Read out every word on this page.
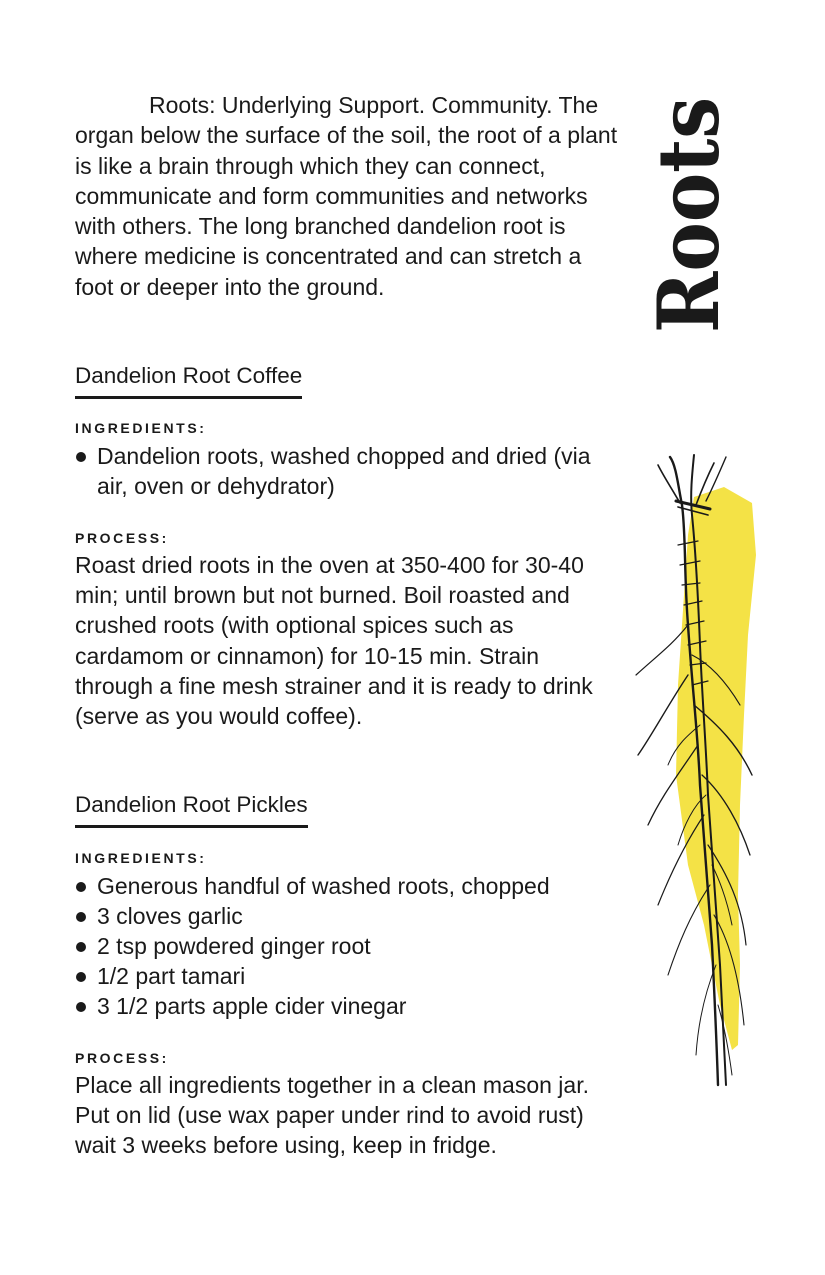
Roots

Roots: Underlying Support. Community. The organ below the surface of the soil, the root of a plant is like a brain through which they can connect, communicate and form communities and networks with others. The long branched dandelion root is where medicine is concentrated and can stretch a foot or deeper into the ground.

Dandelion Root Coffee
INGREDIENTS:
Dandelion roots, washed chopped and dried (via air, oven or dehydrator)
PROCESS:

Roast dried roots in the oven at 350-400 for 30-40 min; until brown but not burned. Boil roasted and crushed roots (with optional spices such as cardamom or cinnamon) for 10-15 min. Strain through a fine mesh strainer and it is ready to drink (serve as you would coffee).

Dandelion Root Pickles
INGREDIENTS:
Generous handful of washed roots, chopped
3 cloves garlic
2 tsp powdered ginger root
1/2 part tamari
3 1/2 parts apple cider vinegar
PROCESS:

Place all ingredients together in a clean mason jar. Put on lid (use wax paper under rind to avoid rust) wait 3 weeks before using, keep in fridge.
